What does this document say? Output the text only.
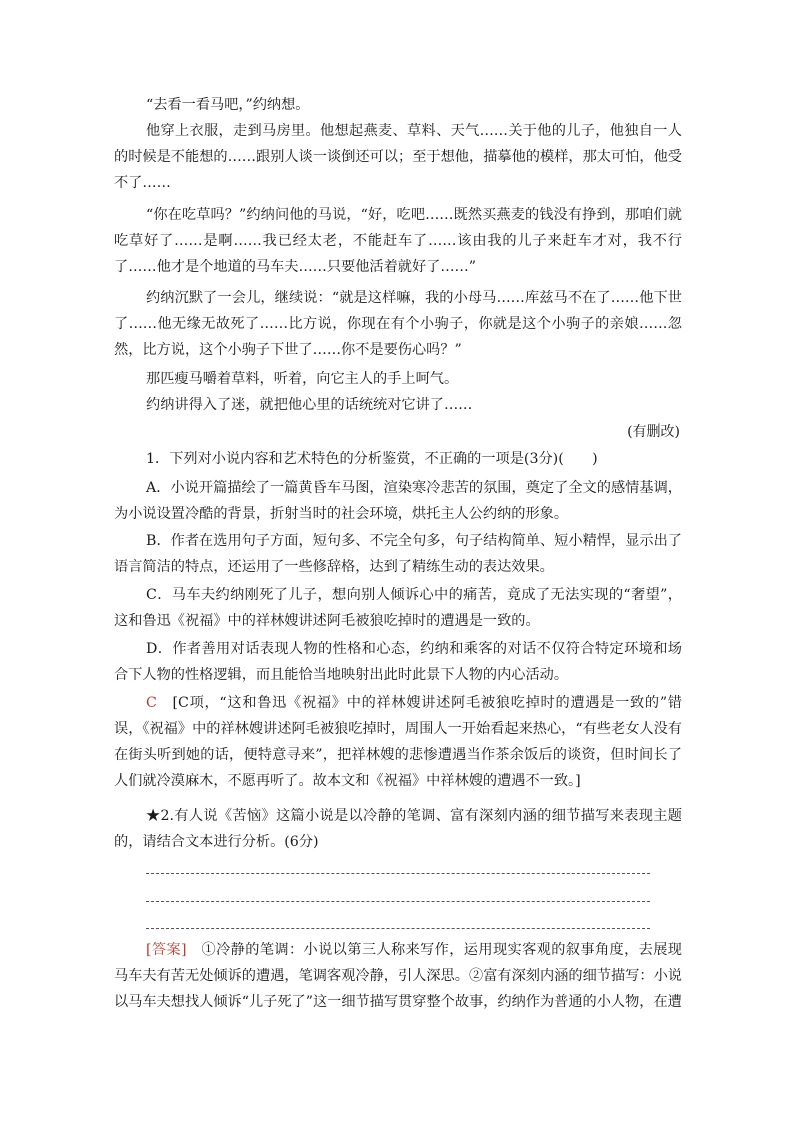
“去看一看马吧，”约纳想。

他穿上衣服，走到马房里。他想起燕麦、草料、天气……关于他的儿子，他独自一人的时候是不能想的……跟别人谈一谈倒还可以；至于想他，描摹他的模样，那太可怕，他受不了……

“你在吃草吗？”约纳问他的马说，“好，吃吧……既然买燕麦的钱没有挣到，那咱们就吃草好了……是啊……我已经太老，不能赶车了……该由我的儿子来赶车才对，我不行了……他才是个地道的马车夫……只要他活着就好了……”

约纳沉默了一会儿，继续说：“就是这样嘛，我的小母马……库兹马不在了……他下世了……他无缘无故死了……比方说，你现在有个小驹子，你就是这个小驹子的亲娘……忽然，比方说，这个小驹子下世了……你不是要伤心吗？”

那匹瘦马嚼着草料，听着，向它主人的手上呵气。

约纳讲得入了迷，就把他心里的话统统对它讲了……

(有删改)

1．下列对小说内容和艺术特色的分析鉴赏，不正确的一项是(3分)(　　)

A．小说开篇描绘了一篇黄昏车马图，渲染寒冷悲苦的氛围，奠定了全文的感情基调，为小说设置冷酷的背景，折射当时的社会环境，烘托主人公约纳的形象。

B．作者在选用句子方面，短句多、不完全句多，句子结构简单、短小精悍，显示出了语言简洁的特点，还运用了一些修辞格，达到了精练生动的表达效果。

C．马车夫约纳刚死了儿子，想向别人倾诉心中的痛苦，竟成了无法实现的“奢望”，这和鲁迅《祝福》中的祥林嫂讲述阿毛被狼吃掉时的遭遇是一致的。

D．作者善用对话表现人物的性格和心态，约纳和乘客的对话不仅符合特定环境和场合下人物的性格逻辑，而且能恰当地映射出此时此景下人物的内心活动。

C　[C项，“这和鲁迅《祝福》中的祥林嫂讲述阿毛被狼吃掉时的遭遇是一致的”错误，《祝福》中的祥林嫂讲述阿毛被狼吃掉时，周围人一开始看起来热心，“有些老女人没有在街头听到她的话，便特意寻来”，把祥林嫂的悲惨遭遇当作茶余饭后的谈资，但时间长了人们就冷漠麻木，不愿再听了。故本文和《祝福》中祥林嫂的遭遇不一致。]

★2.有人说《苦恼》这篇小说是以冷静的笔调、富有深刻内涵的细节描写来表现主题的，请结合文本进行分析。(6分)

[答案]　①冷静的笔调：小说以第三人称来写作，运用现实客观的叙事角度，去展现马车夫有苦无处倾诉的遭遇，笔调客观冷静，引人深思。②富有深刻内涵的细节描写：小说以马车夫想找人倾诉“儿子死了”这一细节描写贯穿整个故事，约纳作为普通的小人物，在遭
